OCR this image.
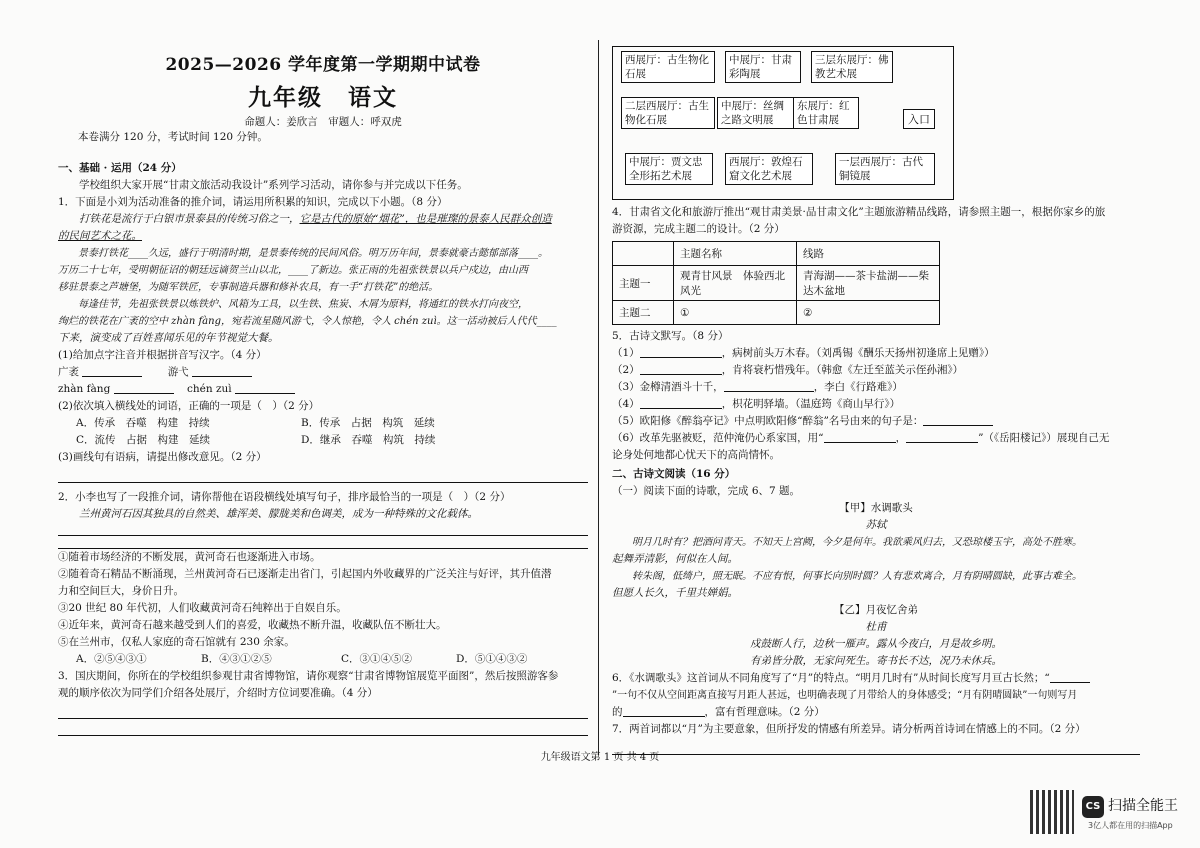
2025—2026 学年度第一学期期中试卷
九年级　语文
命题人：姜欣言　审题人：呼双虎

本卷满分 120 分，考试时间 120 分钟。

一、基础 · 运用（24 分）

学校组织大家开展“甘肃文旅活动我设计”系列学习活动，请你参与并完成以下任务。

1．下面是小刘为活动准备的推介词，请运用所积累的知识，完成以下小题。（8 分）

打铁花是流行于白银市景泰县的传统习俗之一，它是古代的原始“烟花”，也是璀璨的景泰人民群众创造

的民间艺术之花。

景泰打铁花____久远，盛行于明清时期，是景泰传统的民间风俗。明万历年间，景泰就豪古懿郁部落____。

万历二十七年，受明朝征诏的朝廷远谪贺兰山以北，____了新边。张正雨的先祖张铁景以兵户戍边，由山西

移驻景泰之芦塘堡，为随军铁匠，专事制造兵器和修补农具，有一手“打铁花”的绝活。

每逢佳节，先祖张铁景以炼铁炉、风箱为工具，以生铁、焦炭、木屑为原料，将通红的铁水打向夜空，

绚烂的铁花在广袤的空中 zhàn fàng，宛若流星随风游弋，令人惊艳，令人 chén zuì。这一活动被后人代代____

下来，演变成了百姓喜闻乐见的年节视觉大餐。

(1)给加点字注音并根据拼音写汉字。（4 分）

广袤	游弋

zhàn fàng	chén zuì

(2)依次填入横线处的词语，正确的一项是（　）（2 分）

A．传承　吞噬　构建　持续	B．传承　占据　构筑　延续
C．流传　占据　构建　延续	D．继承　吞噬　构筑　持续

(3)画线句有语病，请提出修改意见。（2 分）

2．小李也写了一段推介词，请你帮他在语段横线处填写句子，排序最恰当的一项是（　）（2 分）

兰州黄河石因其独具的自然美、雄浑美、朦胧美和色调美，成为一种特殊的文化载体。

①随着市场经济的不断发展，黄河奇石也逐渐进入市场。

②随着奇石精品不断涌现，兰州黄河奇石已逐渐走出省门，引起国内外收藏界的广泛关注与好评，其升值潜

力和空间巨大，身价日升。

③20 世纪 80 年代初，人们收藏黄河奇石纯粹出于自娱自乐。

④近年来，黄河奇石越来越受到人们的喜爱，收藏热不断升温，收藏队伍不断壮大。

⑤在兰州市，仅私人家庭的奇石馆就有 230 余家。

A．②⑤④③①	B．④③①②⑤	C．③①④⑤②	D．⑤①④③②

3．国庆期间，你所在的学校组织参观甘肃省博物馆，请你观察“甘肃省博物馆展览平面图”，然后按照游客参

观的顺序依次为同学们介绍各处展厅，介绍时方位词要准确。（4 分）

西展厅：古生物化石展
中展厅：甘肃彩陶展
三层东展厅：佛教艺术展
二层西展厅：古生物化石展
中展厅：丝绸之路文明展
东展厅：红色甘肃展	入口
中展厅：贾文忠全形拓艺术展
西展厅：敦煌石窟文化艺术展
一层西展厅：古代铜镜展

4．甘肃省文化和旅游厅推出“观甘肃美景·品甘肃文化”主题旅游精品线路，请参照主题一，根据你家乡的旅

游资源，完成主题二的设计。（2 分）

	主题名称	线路
主题一	观青甘风景　体验西北风光	青海湖——茶卡盐湖——柴达木盆地
主题二	①	②

5．古诗文默写。（8 分）

（1）	，病树前头万木春。（刘禹锡《酬乐天扬州初逢席上见赠》）

（2）	，肯将衰朽惜残年。（韩愈《左迁至蓝关示侄孙湘》）

（3）金樽清酒斗十千，	，李白《行路难》）

（4）	，枳花明驿墙。（温庭筠《商山早行》）

（5）欧阳修《醉翁亭记》中点明欧阳修“醉翁”名号由来的句子是：

（6）改革先驱被贬，范仲淹仍心系家国，用“	，	”（《岳阳楼记》）展现自己无

论身处何地都心忧天下的高尚情怀。

二、古诗文阅读（16 分）

（一）阅读下面的诗歌，完成 6、7 题。

【甲】水调歌头

苏轼

明月几时有？把酒问青天。不知天上宫阙，今夕是何年。我欲乘风归去，又恐琼楼玉宇，高处不胜寒。

起舞弄清影，何似在人间。

转朱阁，低绮户，照无眠。不应有恨，何事长向别时圆？人有悲欢离合，月有阴晴圆缺，此事古难全。

但愿人长久，千里共婵娟。

【乙】月夜忆舍弟

杜甫

戍鼓断人行，边秋一雁声。露从今夜白，月是故乡明。

有弟皆分散，无家问死生。寄书长不达，况乃未休兵。

6．《水调歌头》这首词从不同角度写了“月”的特点。“明月几时有”从时间长度写月亘古长然；“

”一句不仅从空间距离直接写月距人甚远，也明确表现了月带给人的身体感受；“月有阴晴圆缺”一句则写月

的	，富有哲理意味。（2 分）

7．两首词都以“月”为主要意象，但所抒发的情感有所差异。请分析两首诗词在情感上的不同。（2 分）

九年级语文第 1 页 共 4 页
CS 扫描全能王
3亿人都在用的扫描App
